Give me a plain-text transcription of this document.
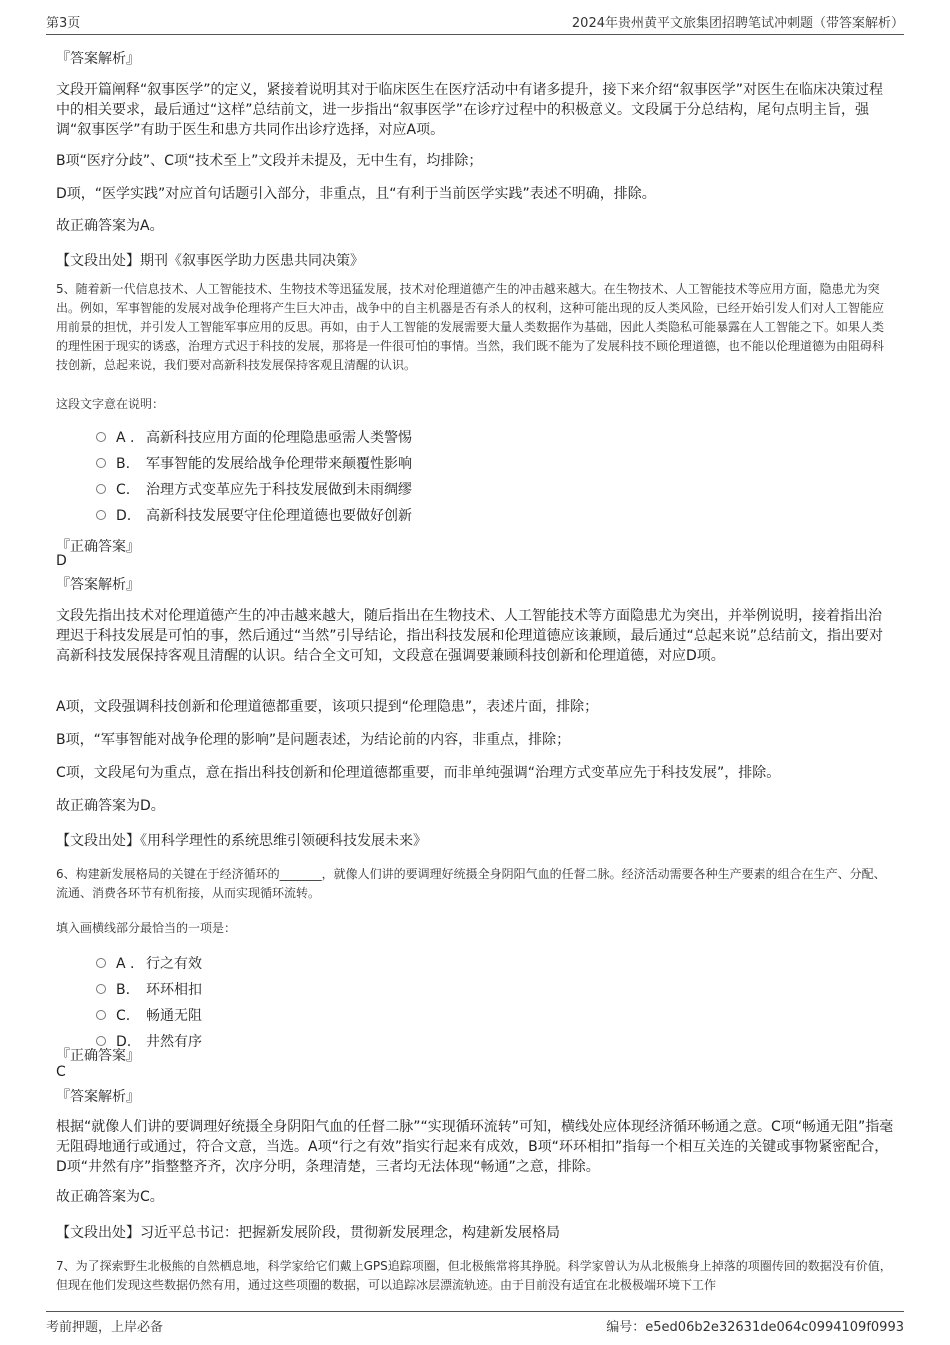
第3页	2024年贵州黄平文旅集团招聘笔试冲刺题（带答案解析）
『答案解析』
文段开篇阐释“叙事医学”的定义，紧接着说明其对于临床医生在医疗活动中有诸多提升，接下来介绍“叙事医学”对医生在临床决策过程中的相关要求，最后通过“这样”总结前文，进一步指出“叙事医学”在诊疗过程中的积极意义。文段属于分总结构，尾句点明主旨，强调“叙事医学”有助于医生和患方共同作出诊疗选择，对应A项。
B项“医疗分歧”、C项“技术至上”文段并未提及，无中生有，均排除；
D项，“医学实践”对应首句话题引入部分，非重点，且“有利于当前医学实践”表述不明确，排除。
故正确答案为A。
【文段出处】期刊《叙事医学助力医患共同决策》
5、随着新一代信息技术、人工智能技术、生物技术等迅猛发展，技术对伦理道德产生的冲击越来越大。在生物技术、人工智能技术等应用方面，隐患尤为突出。例如，军事智能的发展对战争伦理将产生巨大冲击，战争中的自主机器是否有杀人的权利，这种可能出现的反人类风险，已经开始引发人们对人工智能应用前景的担忧，并引发人工智能军事应用的反思。再如，由于人工智能的发展需要大量人类数据作为基础，因此人类隐私可能暴露在人工智能之下。如果人类的理性困于现实的诱惑，治理方式迟于科技的发展，那将是一件很可怕的事情。当然，我们既不能为了发展科技不顾伦理道德，也不能以伦理道德为由阻碍科技创新，总起来说，我们要对高新科技发展保持客观且清醒的认识。
这段文字意在说明：
A . 高新科技应用方面的伦理隐患亟需人类警惕
B. 军事智能的发展给战争伦理带来颠覆性影响
C. 治理方式变革应先于科技发展做到未雨绸缪
D. 高新科技发展要守住伦理道德也要做好创新
『正确答案』
D
『答案解析』
文段先指出技术对伦理道德产生的冲击越来越大，随后指出在生物技术、人工智能技术等方面隐患尤为突出，并举例说明，接着指出治理迟于科技发展是可怕的事，然后通过“当然”引导结论，指出科技发展和伦理道德应该兼顾，最后通过“总起来说”总结前文，指出要对高新科技发展保持客观且清醒的认识。结合全文可知，文段意在强调要兼顾科技创新和伦理道德，对应D项。
A项，文段强调科技创新和伦理道德都重要，该项只提到“伦理隐患”，表述片面，排除；
B项，“军事智能对战争伦理的影响”是问题表述，为结论前的内容，非重点，排除；
C项，文段尾句为重点，意在指出科技创新和伦理道德都重要，而非单纯强调“治理方式变革应先于科技发展”，排除。
故正确答案为D。
【文段出处】《用科学理性的系统思维引领硬科技发展未来》
6、构建新发展格局的关键在于经济循环的_______，就像人们讲的要调理好统摄全身阴阳气血的任督二脉。经济活动需要各种生产要素的组合在生产、分配、流通、消费各环节有机衔接，从而实现循环流转。
填入画横线部分最恰当的一项是：
A . 行之有效
B. 环环相扣
C. 畅通无阻
D. 井然有序
『正确答案』
C
『答案解析』
根据“就像人们讲的要调理好统摄全身阴阳气血的任督二脉”“实现循环流转”可知，横线处应体现经济循环畅通之意。C项“畅通无阻”指毫无阻碍地通行或通过，符合文意，当选。A项“行之有效”指实行起来有成效，B项“环环相扣”指每一个相互关连的关键或事物紧密配合，D项“井然有序”指整整齐齐，次序分明，条理清楚，三者均无法体现“畅通”之意，排除。
故正确答案为C。
【文段出处】习近平总书记：把握新发展阶段，贯彻新发展理念，构建新发展格局
7、为了探索野生北极熊的自然栖息地，科学家给它们戴上GPS追踪项圈，但北极熊常将其挣脱。科学家曾认为从北极熊身上掉落的项圈传回的数据没有价值，但现在他们发现这些数据仍然有用，通过这些项圈的数据，可以追踪冰层漂流轨迹。由于目前没有适宜在北极极端环境下工作
考前押题，上岸必备	编号：e5ed06b2e32631de064c0994109f0993
